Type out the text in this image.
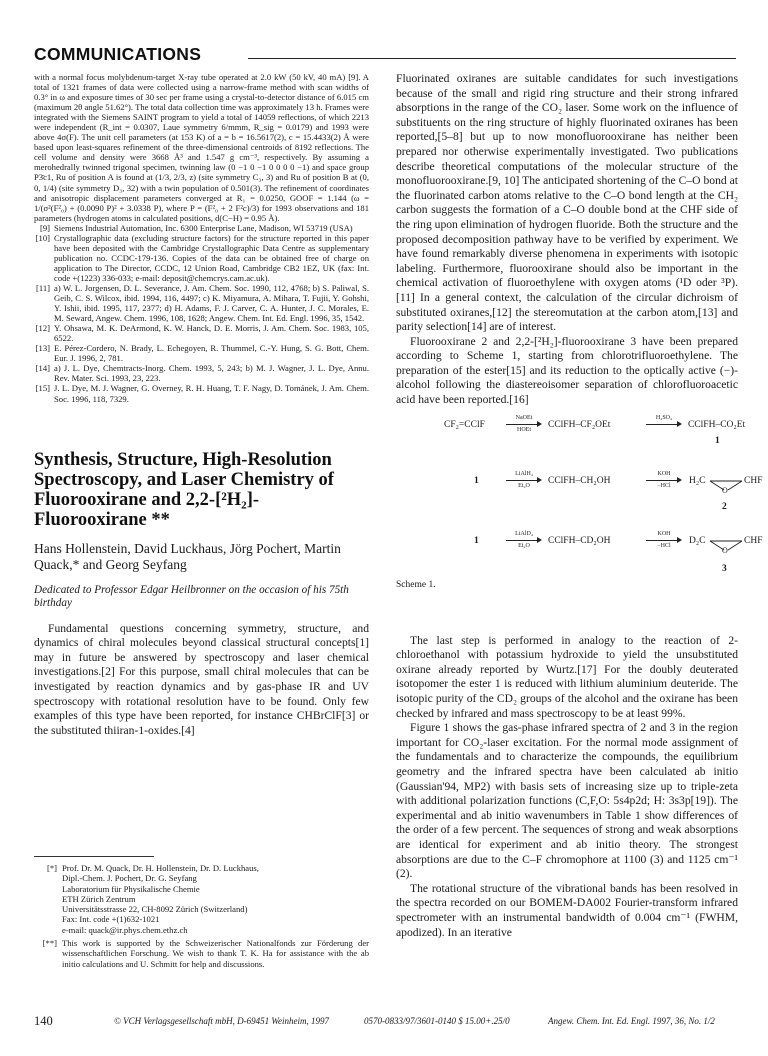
COMMUNICATIONS

with a normal focus molybdenum-target X-ray tube operated at 2.0 kW (50 kV, 40 mA) [9]. A total of 1321 frames of data were collected using a narrow-frame method with scan widths of 0.3° in ω and exposure times of 30 sec per frame using a crystal-to-detector distance of 6.015 cm (maximum 2θ angle 51.62°). The total data collection time was approximately 13 h. Frames were integrated with the Siemens SAINT program to yield a total of 14059 reflections, of which 2213 were independent (R_int = 0.0307, Laue symmetry 6/mmm, R_sig = 0.0179) and 1993 were above 4σ(F). The unit cell parameters (at 153 K) of a = b = 16.5617(2), c = 15.4433(2) Å were based upon least-squares refinement of the three-dimensional centroids of 8192 reflections. The cell volume and density were 3668 Å³ and 1.547 g cm⁻³, respectively. By assuming a merohedrally twinned trigonal specimen, twinning law (0 −1 0 −1 0 0 0 0 −1) and space group P3̄c1, Ru of position A is found at (1/3, 2/3, z) (site symmetry C₃, 3) and Ru of position B at (0, 0, 1/4) (site symmetry D₃, 32) with a twin population of 0.501(3). The refinement of coordinates and anisotropic displacement parameters converged at R₁ = 0.0250, GOOF = 1.144 (ω = 1/(σ²(F²₀) + (0.0090 P)² + 3.0338 P), where P = (F²₀ + 2 F²c)/3) for 1993 observations and 181 parameters (hydrogen atoms in calculated positions, d(C−H) = 0.95 Å).

[9] Siemens Industrial Automation, Inc. 6300 Enterprise Lane, Madison, WI 53719 (USA)
[10] Crystallographic data (excluding structure factors) for the structure reported in this paper have been deposited with the Cambridge Crystallographic Data Centre as supplementary publication no. CCDC-179-136. Copies of the data can be obtained free of charge on application to The Director, CCDC, 12 Union Road, Cambridge CB2 1EZ, UK (fax: Int. code +(1223) 336-033; e-mail: deposit@chemcrys.cam.ac.uk).
[11] a) W. L. Jorgensen, D. L. Severance, J. Am. Chem. Soc. 1990, 112, 4768; b) S. Paliwal, S. Geib, C. S. Wilcox, ibid. 1994, 116, 4497; c) K. Miyamura, A. Mihara, T. Fujii, Y. Gohshi, Y. Ishii, ibid. 1995, 117, 2377; d) H. Adams, F. J. Carver, C. A. Hunter, J. C. Morales, E. M. Seward, Angew. Chem. 1996, 108, 1628; Angew. Chem. Int. Ed. Engl. 1996, 35, 1542.
[12] Y. Ohsawa, M. K. DeArmond, K. W. Hanck, D. E. Morris, J. Am. Chem. Soc. 1983, 105, 6522.
[13] E. Pérez-Cordero, N. Brady, L. Echegoyen, R. Thummel, C.-Y. Hung, S. G. Bott, Chem. Eur. J. 1996, 2, 781.
[14] a) J. L. Dye, Chemtracts-Inorg. Chem. 1993, 5, 243; b) M. J. Wagner, J. L. Dye, Annu. Rev. Mater. Sci. 1993, 23, 223.
[15] J. L. Dye, M. J. Wagner, G. Overney, R. H. Huang, T. F. Nagy, D. Tománek, J. Am. Chem. Soc. 1996, 118, 7329.
Synthesis, Structure, High-Resolution Spectroscopy, and Laser Chemistry of Fluorooxirane and 2,2-[²H₂]-Fluorooxirane **
Hans Hollenstein, David Luckhaus, Jörg Pochert, Martin Quack,* and Georg Seyfang
Dedicated to Professor Edgar Heilbronner on the occasion of his 75th birthday

Fundamental questions concerning symmetry, structure, and dynamics of chiral molecules beyond classical structural concepts[1] may in future be answered by spectroscopy and laser chemical investigations.[2] For this purpose, small chiral molecules that can be investigated by reaction dynamics and by gas-phase IR and UV spectroscopy with rotational resolution have to be found. Only few examples of this type have been reported, for instance CHBrClF[3] or the substituted thiiran-1-oxides.[4]

[*] Prof. Dr. M. Quack, Dr. H. Hollenstein, Dr. D. Luckhaus,
Dipl.-Chem. J. Pochert, Dr. G. Seyfang
Laboratorium für Physikalische Chemie
ETH Zürich Zentrum
Universitätsstrasse 22, CH-8092 Zürich (Switzerland)
Fax: Int. code +(1)632-1021
e-mail: quack@ir.phys.chem.ethz.ch
[**] This work is supported by the Schweizerischer Nationalfonds zur Förderung der wissenschaftlichen Forschung. We wish to thank T. K. Ha for assistance with the ab initio calculations and U. Schmitt for help and discussions.

Fluorinated oxiranes are suitable candidates for such investigations because of the small and rigid ring structure and their strong infrared absorptions in the range of the CO₂ laser. Some work on the influence of substituents on the ring structure of highly fluorinated oxiranes has been reported,[5–8] but up to now monofluorooxirane has neither been prepared nor otherwise experimentally investigated. Two publications describe theoretical computations of the molecular structure of the monofluorooxirane.[9, 10] The anticipated shortening of the C–O bond at the fluorinated carbon atoms relative to the C–O bond length at the CH₂ carbon suggests the formation of a C–O double bond at the CHF side of the ring upon elimination of hydrogen fluoride. Both the structure and the proposed decomposition pathway have to be verified by experiment. We have found remarkably diverse phenomena in experiments with isotopic labeling. Furthermore, fluorooxirane should also be important in the chemical activation of fluoroethylene with oxygen atoms (¹D oder ³P).[11] In a general context, the calculation of the circular dichroism of substituted oxiranes,[12] the stereomutation at the carbon atom,[13] and parity selection[14] are of interest.

Fluorooxirane 2 and 2,2-[²H₂]-fluorooxirane 3 have been prepared according to Scheme 1, starting from chlorotrifluoroethylene. The preparation of the ester[15] and its reduction to the optically active (−)-alcohol following the diastereoisomer separation of chlorofluoroacetic acid have been reported.[16]

CF₂=CClF
NaOEt
HOEt	CClFH–CF₂OEt
H₂SO₄
CClFH–CO₂Et
1
1
LiAlH₄
Et₂O	CClFH–CH₂OH
KOH
−HCl	H₂C
O
CHF
2
1
LiAlD₄
Et₂O	CClFH–CD₂OH
KOH
−HCl	D₂C
O
CHF
3
Scheme 1.

The last step is performed in analogy to the reaction of 2-chloroethanol with potassium hydroxide to yield the unsubstituted oxirane already reported by Wurtz.[17] For the doubly deuterated isotopomer the ester 1 is reduced with lithium aluminium deuteride. The isotopic purity of the CD₂ groups of the alcohol and the oxirane has been checked by infrared and mass spectroscopy to be at least 99%.

Figure 1 shows the gas-phase infrared spectra of 2 and 3 in the region important for CO₂-laser excitation. For the normal mode assignment of the fundamentals and to characterize the compounds, the equilibrium geometry and the infrared spectra have been calculated ab initio (Gaussian'94, MP2) with basis sets of increasing size up to triple-zeta with additional polarization functions (C,F,O: 5s4p2d; H: 3s3p[19]). The experimental and ab initio wavenumbers in Table 1 show differences of the order of a few percent. The sequences of strong and weak absorptions are identical for experiment and ab initio theory. The strongest absorptions are due to the C–F chromophore at 1100 (3) and 1125 cm⁻¹ (2).

The rotational structure of the vibrational bands has been resolved in the spectra recorded on our BOMEM-DA002 Fourier-transform infrared spectrometer with an instrumental bandwidth of 0.004 cm⁻¹ (FWHM, apodized). In an iterative

140	© VCH Verlagsgesellschaft mbH, D-69451 Weinheim, 1997	0570-0833/97/3601-0140 $ 15.00+.25/0	Angew. Chem. Int. Ed. Engl. 1997, 36, No. 1/2
